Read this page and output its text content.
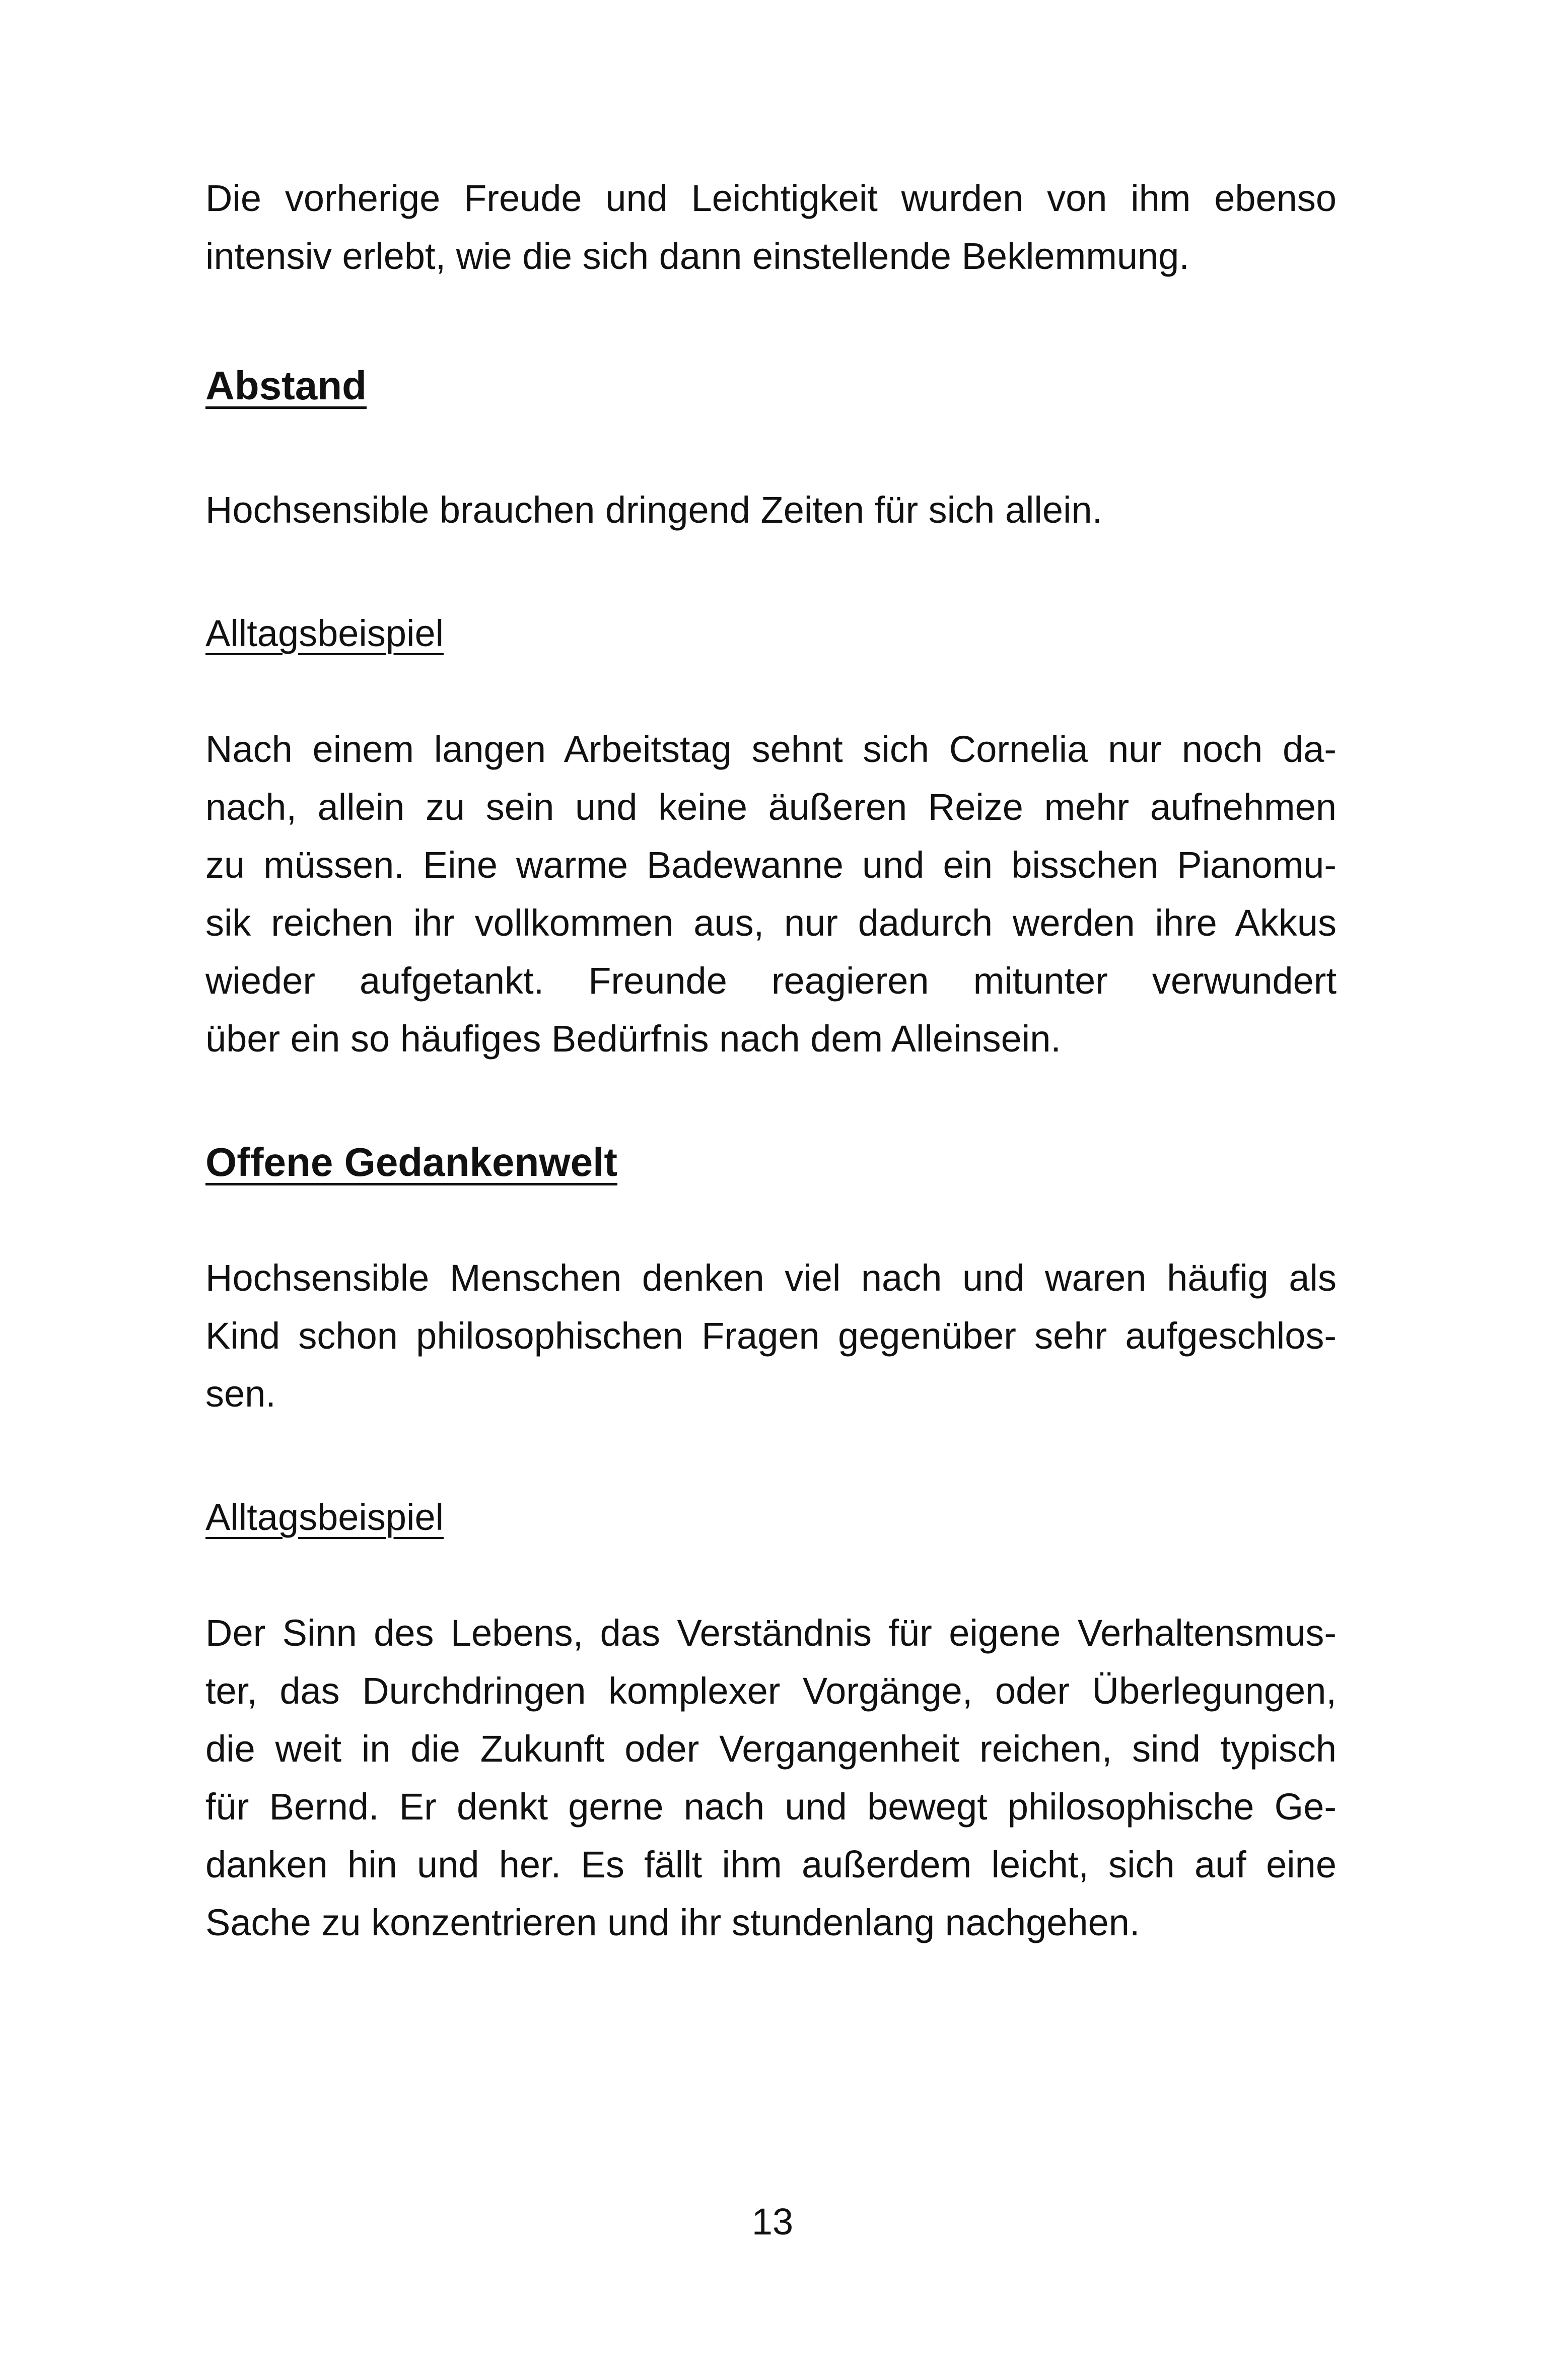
Die vorherige Freude und Leichtigkeit wurden von ihm ebenso
intensiv erlebt, wie die sich dann einstellende Beklemmung.
Abstand
Hochsensible brauchen dringend Zeiten für sich allein.
Alltagsbeispiel
Nach einem langen Arbeitstag sehnt sich Cornelia nur noch da-
nach, allein zu sein und keine äußeren Reize mehr aufnehmen
zu müssen. Eine warme Badewanne und ein bisschen Pianomu-
sik reichen ihr vollkommen aus, nur dadurch werden ihre Akkus
wieder aufgetankt. Freunde reagieren mitunter verwundert
über ein so häufiges Bedürfnis nach dem Alleinsein.
Offene Gedankenwelt
Hochsensible Menschen denken viel nach und waren häufig als
Kind schon philosophischen Fragen gegenüber sehr aufgeschlos-
sen.
Alltagsbeispiel
Der Sinn des Lebens, das Verständnis für eigene Verhaltensmus-
ter, das Durchdringen komplexer Vorgänge, oder Überlegungen,
die weit in die Zukunft oder Vergangenheit reichen, sind typisch
für Bernd. Er denkt gerne nach und bewegt philosophische Ge-
danken hin und her. Es fällt ihm außerdem leicht, sich auf eine
Sache zu konzentrieren und ihr stundenlang nachgehen.
13
